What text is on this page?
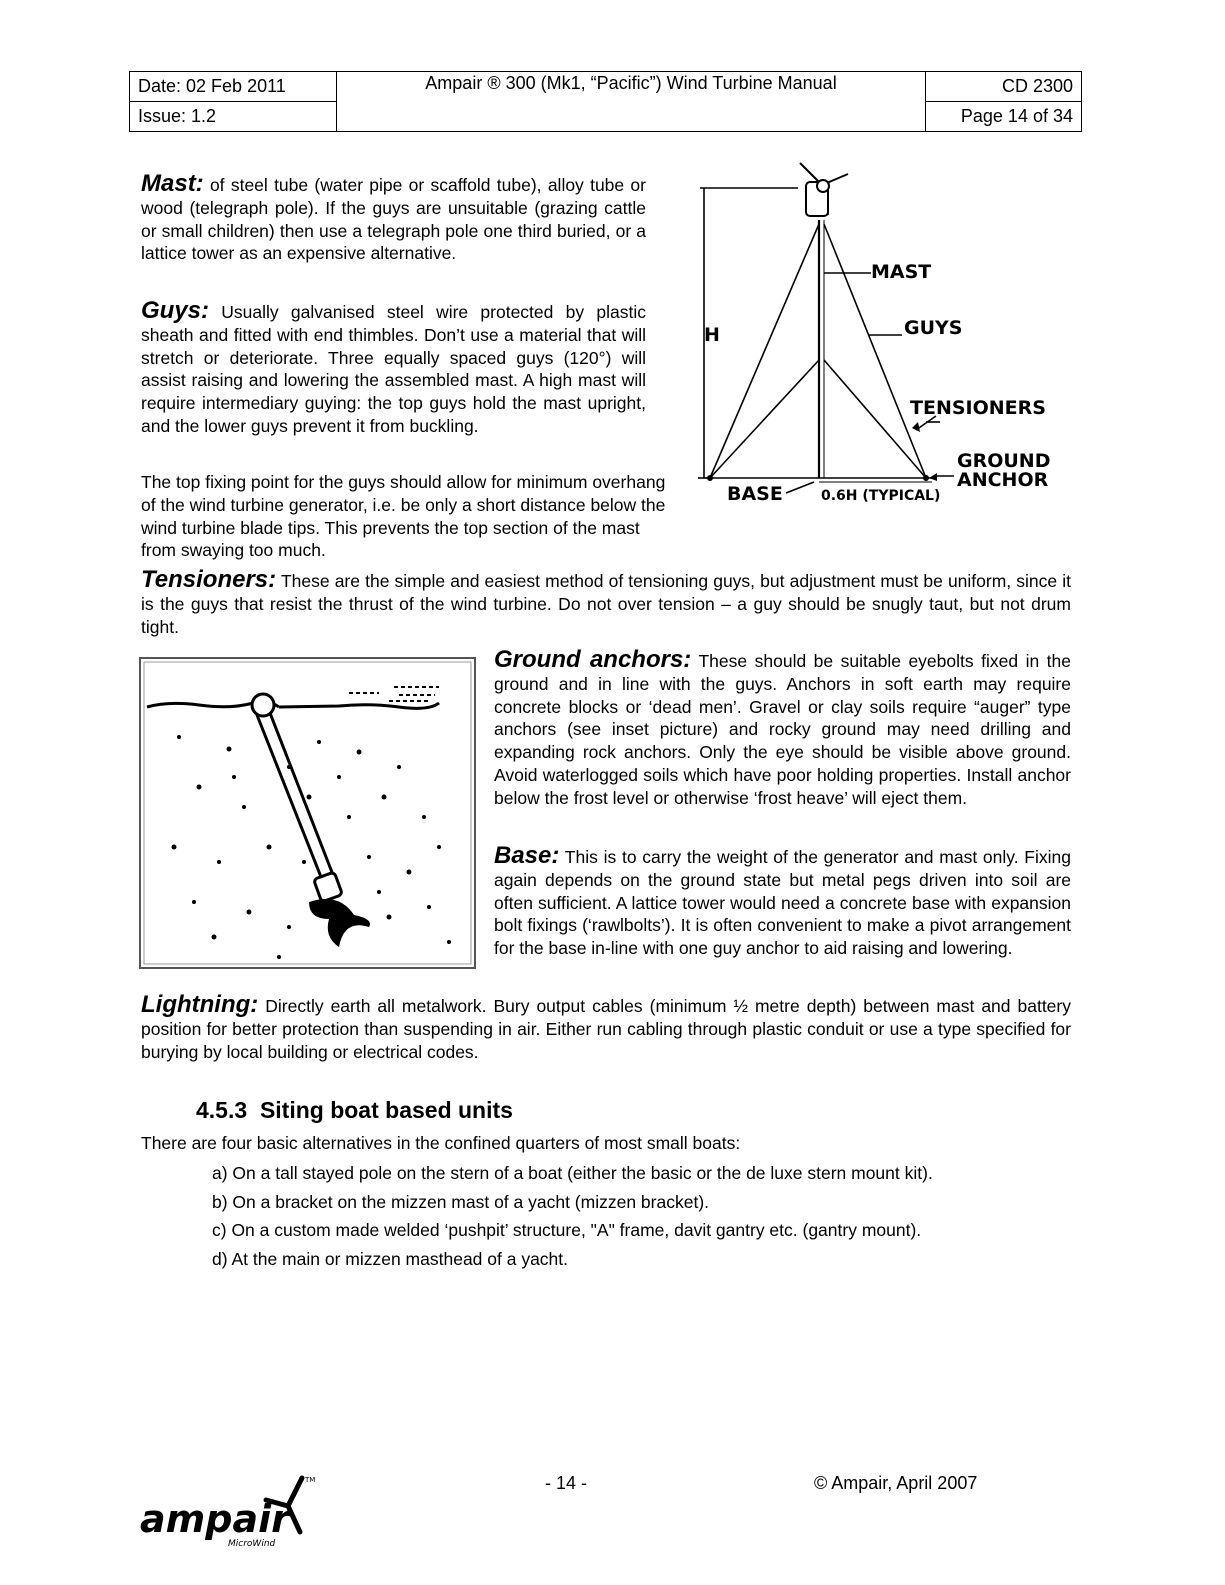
Date: 02 Feb 2011	Ampair ® 300 (Mk1, “Pacific”) Wind Turbine Manual	CD 2300
Issue: 1.2		Page 14 of 34
Mast: of steel tube (water pipe or scaffold tube), alloy tube or wood (telegraph pole). If the guys are unsuitable (grazing cattle or small children) then use a telegraph pole one third buried, or a lattice tower as an expensive alternative.
Guys: Usually galvanised steel wire protected by plastic sheath and fitted with end thimbles. Don’t use a material that will stretch or deteriorate. Three equally spaced guys (120°) will assist raising and lowering the assembled mast. A high mast will require intermediary guying: the top guys hold the mast upright, and the lower guys prevent it from buckling.
The top fixing point for the guys should allow for minimum overhang of the wind turbine generator, i.e. be only a short distance below the wind turbine blade tips. This prevents the top section of the mast from swaying too much.
MAST
GUYS
H
TENSIONERS
GROUND
ANCHOR
BASE	0.6H (TYPICAL)
Tensioners: These are the simple and easiest method of tensioning guys, but adjustment must be uniform, since it is the guys that resist the thrust of the wind turbine. Do not over tension – a guy should be snugly taut, but not drum tight.
Ground anchors: These should be suitable eyebolts fixed in the ground and in line with the guys. Anchors in soft earth may require concrete blocks or ‘dead men’. Gravel or clay soils require “auger” type anchors (see inset picture) and rocky ground may need drilling and expanding rock anchors. Only the eye should be visible above ground. Avoid waterlogged soils which have poor holding properties. Install anchor below the frost level or otherwise ‘frost heave’ will eject them.
Base: This is to carry the weight of the generator and mast only. Fixing again depends on the ground state but metal pegs driven into soil are often sufficient. A lattice tower would need a concrete base with expansion bolt fixings (‘rawlbolts’). It is often convenient to make a pivot arrangement for the base in-line with one guy anchor to aid raising and lowering.
Lightning: Directly earth all metalwork. Bury output cables (minimum ½ metre depth) between mast and battery position for better protection than suspending in air. Either run cabling through plastic conduit or use a type specified for burying by local building or electrical codes.
4.5.3 Siting boat based units
There are four basic alternatives in the confined quarters of most small boats:
a) On a tall stayed pole on the stern of a boat (either the basic or the de luxe stern mount kit).
b) On a bracket on the mizzen mast of a yacht (mizzen bracket).
c) On a custom made welded ‘pushpit’ structure, "A" frame, davit gantry etc. (gantry mount).
d) At the main or mizzen masthead of a yacht.
- 14 -	© Ampair, April 2007
ampair
MicroWind
TM
